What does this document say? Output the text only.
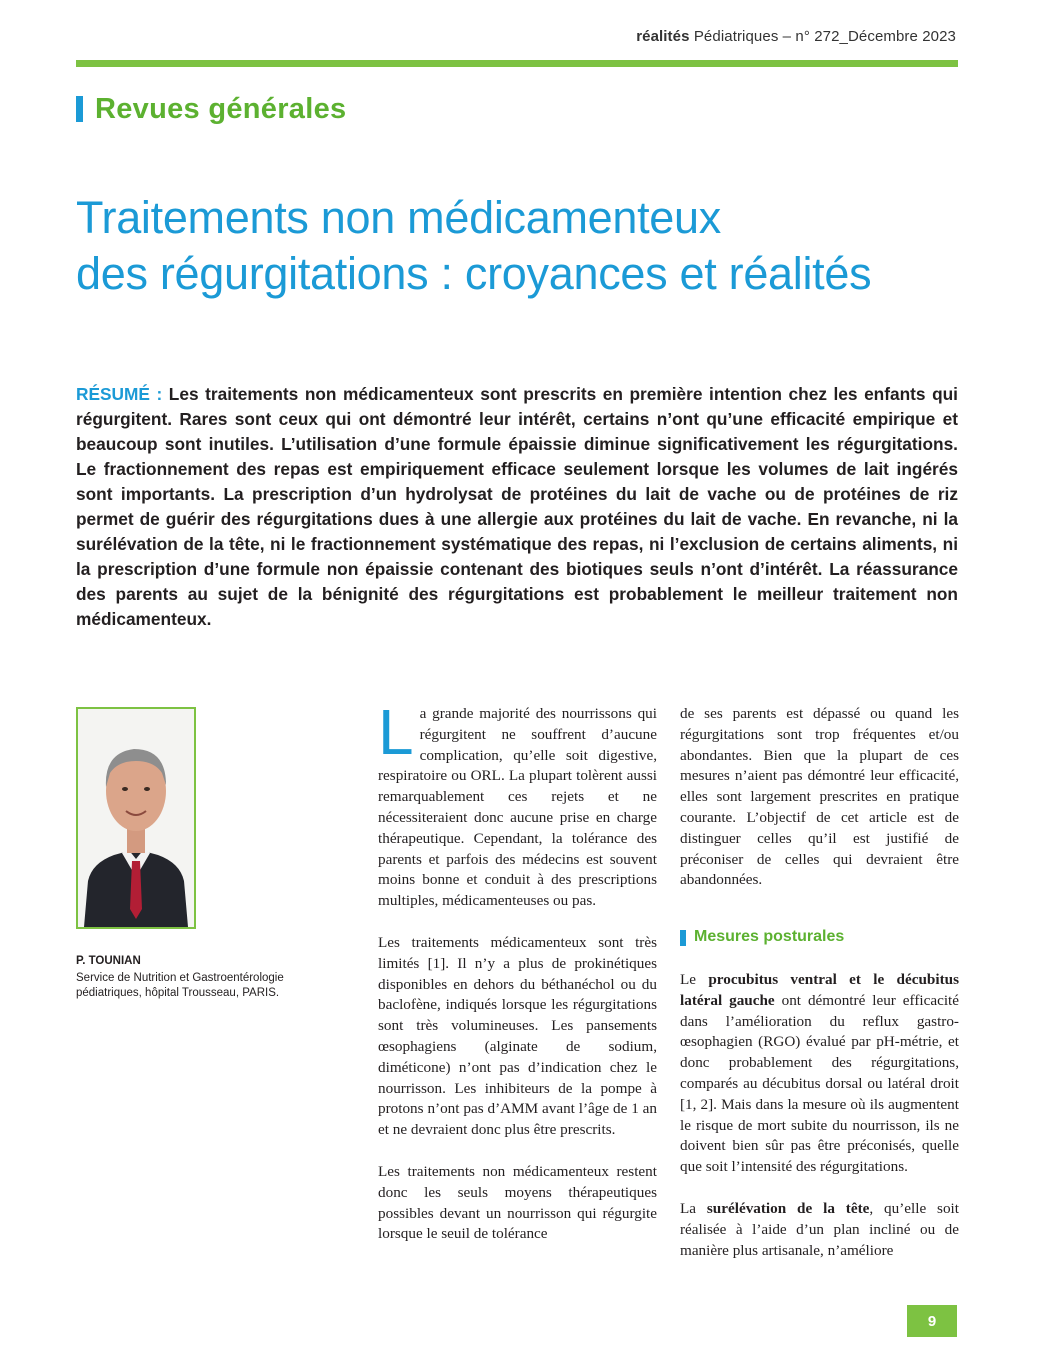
réalités Pédiatriques – n° 272_Décembre 2023
Revues générales
Traitements non médicamenteux
des régurgitations : croyances et réalités

RÉSUMÉ : Les traitements non médicamenteux sont prescrits en première intention chez les enfants qui régurgitent. Rares sont ceux qui ont démontré leur intérêt, certains n’ont qu’une efficacité empirique et beaucoup sont inutiles. L’utilisation d’une formule épaissie diminue significativement les régurgitations. Le fractionnement des repas est empiriquement efficace seulement lorsque les volumes de lait ingérés sont importants. La prescription d’un hydrolysat de protéines du lait de vache ou de protéines de riz permet de guérir des régurgitations dues à une allergie aux protéines du lait de vache. En revanche, ni la surélévation de la tête, ni le fractionnement systématique des repas, ni l’exclusion de certains aliments, ni la prescription d’une formule non épaissie contenant des biotiques seuls n’ont d’intérêt. La réassurance des parents au sujet de la bénignité des régurgitations est probablement le meilleur traitement non médicamenteux.

P. TOUNIAN
Service de Nutrition et Gastroentérologie pédiatriques, hôpital Trousseau, PARIS.

La grande majorité des nourrissons qui régurgitent ne souffrent d’aucune complication, qu’elle soit digestive, respiratoire ou ORL. La plupart tolèrent aussi remarquablement ces rejets et ne nécessiteraient donc aucune prise en charge thérapeutique. Cependant, la tolérance des parents et parfois des médecins est souvent moins bonne et conduit à des prescriptions multiples, médicamenteuses ou pas.

Les traitements médicamenteux sont très limités [1]. Il n’y a plus de prokinétiques disponibles en dehors du béthanéchol ou du baclofène, indiqués lorsque les régurgitations sont très volumineuses. Les pansements œsophagiens (alginate de sodium, diméticone) n’ont pas d’indication chez le nourrisson. Les inhibiteurs de la pompe à protons n’ont pas d’AMM avant l’âge de 1 an et ne devraient donc plus être prescrits.

Les traitements non médicamenteux restent donc les seuls moyens thérapeutiques possibles devant un nourrisson qui régurgite lorsque le seuil de tolérance

de ses parents est dépassé ou quand les régurgitations sont trop fréquentes et/ou abondantes. Bien que la plupart de ces mesures n’aient pas démontré leur efficacité, elles sont largement prescrites en pratique courante. L’objectif de cet article est de distinguer celles qu’il est justifié de préconiser de celles qui devraient être abandonnées.

Mesures posturales

Le procubitus ventral et le décubitus latéral gauche ont démontré leur efficacité dans l’amélioration du reflux gastro-œsophagien (RGO) évalué par pH-métrie, et donc probablement des régurgitations, comparés au décubitus dorsal ou latéral droit [1, 2]. Mais dans la mesure où ils augmentent le risque de mort subite du nourrisson, ils ne doivent bien sûr pas être préconisés, quelle que soit l’intensité des régurgitations.

La surélévation de la tête, qu’elle soit réalisée à l’aide d’un plan incliné ou de manière plus artisanale, n’améliore

9
